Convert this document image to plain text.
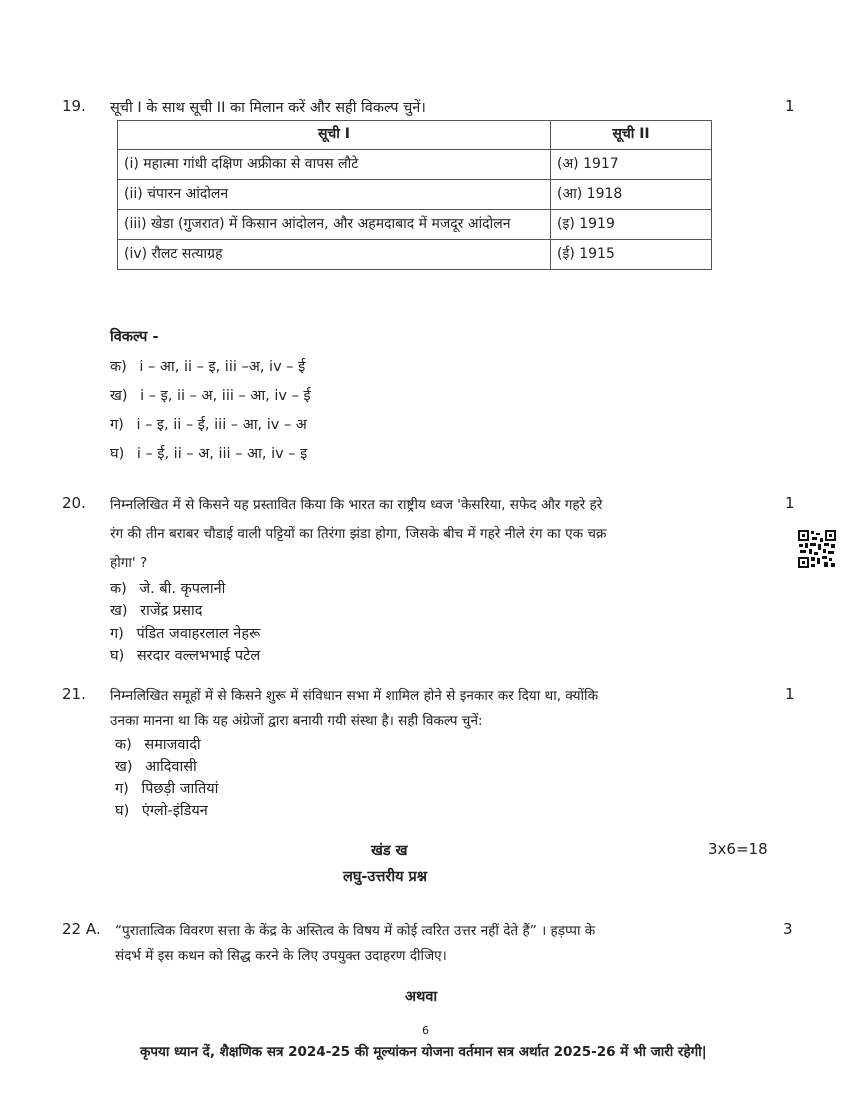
19. सूची I के साथ सूची II का मिलान करें और सही विकल्प चुनें।	1
सूची I	सूची II
(i) महात्मा गांधी दक्षिण अफ्रीका से वापस लौटे	(अ) 1917
(ii) चंपारन आंदोलन	(आ) 1918
(iii) खेडा (गुजरात) में किसान आंदोलन, और अहमदाबाद में मजदूर आंदोलन	(इ) 1919
(iv) रौलट सत्याग्रह	(ई) 1915
विकल्प -
क) i – आ, ii – इ, iii –अ, iv – ई
ख) i – इ, ii – अ, iii – आ, iv – ई
ग) i – इ, ii – ई, iii – आ, iv – अ
घ) i – ई, ii – अ, iii – आ, iv – इ
20. निम्नलिखित में से किसने यह प्रस्तावित किया कि भारत का राष्ट्रीय ध्वज 'केसरिया, सफेद और गहरे हरे
रंग की तीन बराबर चौडाई वाली पट्टियों का तिरंगा झंडा होगा, जिसके बीच में गहरे नीले रंग का एक चक्र
होगा' ?
1
क) जे. बी. कृपलानी
ख) राजेंद्र प्रसाद
ग) पंडित जवाहरलाल नेहरू
घ) सरदार वल्लभभाई पटेल
21. निम्नलिखित समूहों में से किसने शुरू में संविधान सभा में शामिल होने से इनकार कर दिया था, क्योंकि
उनका मानना था कि यह अंग्रेजों द्वारा बनायी गयी संस्था है। सही विकल्प चुनें:
1
क) समाजवादी
ख) आदिवासी
ग) पिछड़ी जातियां
घ) एंग्लो-इंडियन
खंड ख	3x6=18
लघु-उत्तरीय प्रश्न
22 A. “पुरातात्विक विवरण सत्ता के केंद्र के अस्तित्व के विषय में कोई त्वरित उत्तर नहीं देते हैं” । हड़प्पा के
संदर्भ में इस कथन को सिद्ध करने के लिए उपयुक्त उदाहरण दीजिए।
3
अथवा
6
कृपया ध्यान दें, शैक्षणिक सत्र 2024-25 की मूल्यांकन योजना वर्तमान सत्र अर्थात 2025-26 में भी जारी रहेगी|
